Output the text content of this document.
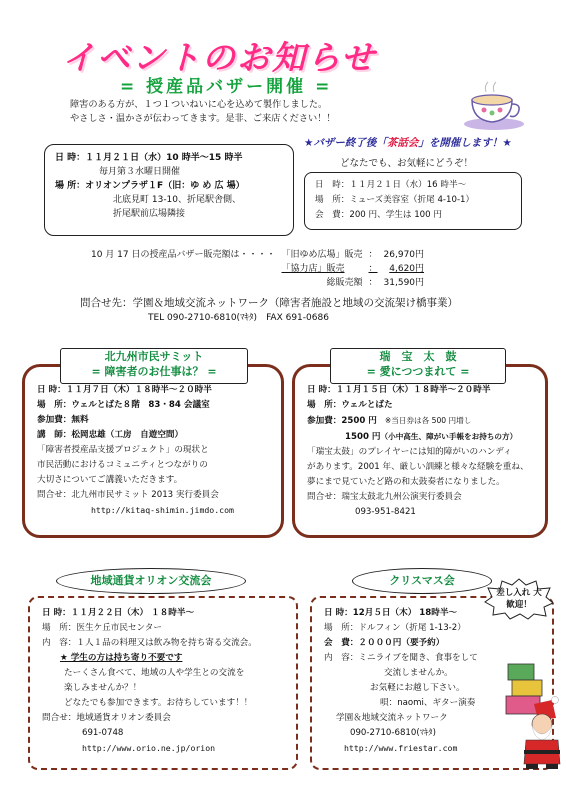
イベントのお知らせ
= 授産品バザー開催 =
障害のある方が、１つ１ついねいに心を込めて製作しました。
やさしさ・温かさが伝わってきます。是非、ご来店ください！！
日 時：１１月２１日（水）10 時半〜15 時半
毎月第３水曜日開催
場 所：オリオンプラザ１F（旧：ゆ め 広 場）
北底見町 13-10、折尾駅舎側、
折尾駅前広場隣接
★バザー終了後「茶話会」を開催します！★
どなたでも、お気軽にどうぞ！
日　時：１１月２１日（水）16 時半〜
場　所：ミューズ美容室（折尾 4-10-1）
会　費：200 円、学生は 100 円
10 月 17 日の授産品バザー販売額は・・・・	「旧ゆめ広場」販売	：	26,970円
	「協力店」販売	：	4,620円
	総販売額	：	31,590円
問合せ先：学園＆地域交流ネットワーク（障害者施設と地域の交流架け橋事業）
TEL 090-2710-6810(ﾏｷﾀ)　FAX 691-0686
日 時：１１月７日（木）１８時半〜２０時半
場　所：ウェルとばた８階　83・84 会議室
参加費：無料
講　師：松岡忠雄（工房　自遊空間）
「障害者授産品支援プロジェクト」の現状と
市民活動におけるコミュニティとつながりの
大切さについてご講義いただきます。
問合せ：北九州市民サミット 2013 実行委員会
http://kitaq-shimin.jimdo.com
北九州市民サミット
= 障害者のお仕事は？ =
日 時：１１月１５日（木）１８時半〜２０時半
場　所：ウェルとばた
参加費：2500 円 ※当日券は各 500 円増し
1500 円（小中高生、障がい手帳をお持ちの方）
「瑞宝太鼓」のプレイヤーには知的障がいのハンディ
があります。2001 年、厳しい訓練と様々な経験を重ね、
夢にまで見ていたど路の和太鼓奏者になりました。
問合せ：瑞宝太鼓北九州公演実行委員会
093-951-8421
瑞　宝　太　鼓
= 愛につつまれて =
日 時：１１月２２日（木） １８時半〜
場　所：医生ケ丘市民センター
内　容：１人１品の料理又は飲み物を持ち寄る交流会。
★ 学生の方は持ち寄り不要です
たーくさん食べて、地域の人や学生との交流を
楽しみませんか？！
どなたでも参加できます。お待ちしています！！
問合せ：地域通貨オリオン委員会
691-0748
http://www.orio.ne.jp/orion
地域通貨オリオン交流会
日 時：12月５日（木） 18時半〜
場　所：ドルフィン（折尾 1-13-2）
会　費：２０００円（要予約）
内　容：ミニライブを聞き、食事をして
交流しませんか。
お気軽にお越し下さい。
唄：naomi、ギター演奏
学園＆地域交流ネットワーク
090-2710-6810(ﾏｷﾀ)
http://www.friestar.com
クリスマス会
差し入れ 大歓迎！
